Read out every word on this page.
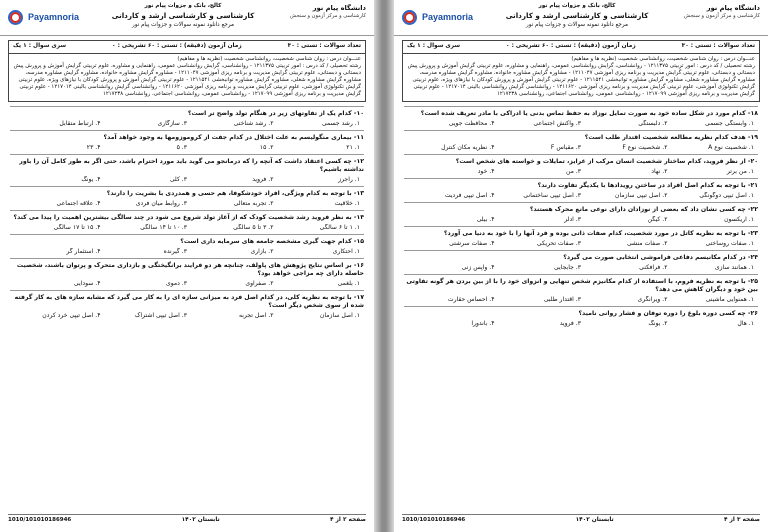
دانشگاه پیام نور
کارشناسی و مرکز آزمون و سنجش
کالج، بانک و جزوات پیام نور
کارشناسی و کارشناسی ارشد و کاردانی
مرجع دانلود نمونه سوالات و جزوات پیام نور
Payamnoria
تعداد سوالات : تستی : ۳۰
زمان آزمون (دقیقه) : تستی : ۶۰ تشریحی : ۰
سری سوال : ۱ یک
عنـــوان درس : روان شناسی شخصیت، روانشناسی شخصیت (نظریه ها و مفاهیم)
رشته تحصیلی / کد درس : امور تربیتی ۱۲۱۱۳۷۵ - روانشناسی، گرایش روانشناسی عمومی، راهنمایی و مشاوره، علوم تربیتی گرایش آموزش و پرورش پیش دبستانی و دبستانی، علوم تربیتی گرایش مدیریت و برنامه ریزی آموزشی ۱۲۱۱۰۴۷ - مشاوره گرایش مشاوره خانواده، مشاوره گرایش مشاوره مدرسه، مشاوره گرایش مشاوره شغلی، مشاوره گرایش مشاوره توانبخشی ۱۲۱۱۵۴۱ - علوم تربیتی گرایش آموزش و پرورش کودکان با نیازهای ویژه، علوم تربیتی گرایش تکنولوژی آموزشی، علوم تربیتی گرایش مدیریت و برنامه ریزی آموزشی ۱۲۱۱۶۲۰ - روانشناسی گرایش روانشناسی بالینی ۱۲۱۷۰۱۴ - علوم تربیتی گرایش مدیریت و برنامه ریزی آموزشی ۱۲۱۷۰۹۹ - روانشناسی عمومی، روانشناسی اجتماعی، روانشناسی ۱۲۱۷۲۳۸
۱۰- کدام یک از تفاوتهای زیر در هنگام تولد واضح تر است؟
۱. رشد جسمی
۲. رشد شناختی
۳. سازگاری
۴. ارتباط متقابل
۱۱- بیماری منگولیسم به علت اختلال در کدام جفت از کروموزومها به وجود خواهد آمد؟
۱. ۲۱
۲. ۱۵
۳. ۵
۴. ۲۳
۱۲- چه کسی اعتقاد داشت که آنچه را که درمانجو می گوید باید مورد احترام باشد، حتی اگر به طور کامل آن را باور نداشته باشیم؟
۱. راجرز
۲. فروید
۳. کلی
۴. یونگ
۱۳- با توجه به کدام ویژگی، افراد خودشکوفا، هم حسی و همدردی با بشریت را دارند؟
۱. خلاقیت
۲. تجربه متعالی
۳. روابط میان فردی
۴. علاقه اجتماعی
۱۴- به نظر فروید رشد شخصیت کودک که از آغاز تولد شروع می شود در چند سالگی بیشترین اهمیت را پیدا می کند؟
۱. ۱ تا ۶ سالگی
۲. ۳ تا ۵ سالگی
۳. ۱۰ تا ۱۴ سالگی
۴. ۱۵ تا ۱۷ سالگی
۱۵- کدام جهت گیری مشخصه جامعه های سرمایه داری است؟
۱. احتکاری
۲. بازاری
۳. گیرنده
۴. استثمار گر
۱۶- بر اساس نتایج پژوهش های پاولف، چنانچه هر دو فرایند برانگیختگی و بازداری متحرک و پرتوان باشند، شخصیت حاصله دارای چه مزاجی خواهد بود؟
۱. بلغمی
۲. صفراوی
۳. دموی
۴. سودایی
۱۷- با توجه به نظریه کلی، در کدام اصل فرد به میزانی سازه ای را به کار می گیرد که مشابه سازه های به کار گرفته شده از سوی شخص دیگر است؟
۱. اصل سازمان
۲. اصل تجربه
۳. اصل تیپی اشتراک
۴. اصل تیپی خرد کردن
صفحه ۲ از ۴
تابستان ۱۴۰۲
1010/101010186946
دانشگاه پیام نور
کارشناسی و مرکز آزمون و سنجش
کالج، بانک و جزوات پیام نور
کارشناسی و کارشناسی ارشد و کاردانی
مرجع دانلود نمونه سوالات و جزوات پیام نور
Payamnoria
تعداد سوالات : تستی : ۳۰
زمان آزمون (دقیقه) : تستی : ۶۰ تشریحی : ۰
سری سوال : ۱ یک
عنـــوان درس : روان شناسی شخصیت، روانشناسی شخصیت (نظریه ها و مفاهیم)
رشته تحصیلی / کد درس : امور تربیتی ۱۲۱۱۳۷۵ - روانشناسی، گرایش روانشناسی عمومی، راهنمایی و مشاوره، علوم تربیتی گرایش آموزش و پرورش پیش دبستانی و دبستانی، علوم تربیتی گرایش مدیریت و برنامه ریزی آموزشی ۱۲۱۱۰۴۷ - مشاوره گرایش مشاوره خانواده، مشاوره گرایش مشاوره مدرسه، مشاوره گرایش مشاوره شغلی، مشاوره گرایش مشاوره توانبخشی ۱۲۱۱۵۴۱ - علوم تربیتی گرایش آموزش و پرورش کودکان با نیازهای ویژه، علوم تربیتی گرایش تکنولوژی آموزشی، علوم تربیتی گرایش مدیریت و برنامه ریزی آموزشی ۱۲۱۱۶۲۰ - روانشناسی گرایش روانشناسی بالینی ۱۲۱۷۰۱۴ - علوم تربیتی گرایش مدیریت و برنامه ریزی آموزشی ۱۲۱۷۰۹۹ - روانشناسی عمومی، روانشناسی اجتماعی، روانشناسی ۱۲۱۷۲۳۸
۱۸- کدام مورد در شکل ساده خود به صورت تمایل نوزاد به حفظ تماس بدنی یا ادراکی با مادر تعریف شده است؟
۱. وابستگی جسمی
۲. دلبستگی
۳. واکنش اجتماعی
۴. محافظت جویی
۱۹- هدف کدام نظریه مطالعه شخصیت اقتدار طلب است؟
۱. شخصیت نوع A
۲. شخصیت نوع F
۳. مقیاس F
۴. نظریه مکان کنترل
۲۰- از نظر فروید، کدام ساختار شخصیت انسان مرکب از غرایز، تمایلات و خواسته های شخص است؟
۱. من برتر
۲. نهاد
۳. من
۴. خود
۲۱- با توجه به کدام اصل افراد در ساختن رویدادها با یکدیگر تفاوت دارند؟
۱. اصل تیپی دوگونگی
۲. اصل تیپی سازمان
۳. اصل تیپی ساختمانی
۴. اصل تیپی فردیت
۲۲- چه کسی نشان داد که بعضی از نوزادان دارای نوعی مانع محرک هستند؟
۱. اریکسون
۲. کیگن
۳. آدلر
۴. بیلی
۲۳- با توجه به نظریه کاتل در مورد شخصیت، کدام صفات ذاتی بوده و فرد آنها را با خود به دنیا می آورد؟
۱. صفات روساختی
۲. صفات منشی
۳. صفات تحریکی
۴. صفات سرشتی
۲۴- در کدام مکانیسم دفاعی فراموشی انتخابی صورت می گیرد؟
۱. همانند سازی
۲. فرافکنی
۳. جابجایی
۴. واپس زنی
۲۵- با توجه به نظریه فروم، با استفاده از کدام مکانیزم شخص تنهایی و انزوای خود را با از بین بردن هر گونه تفاوتی بین خود و دیگران کاهش می دهد؟
۱. همنوایی ماشینی
۲. ویرانگری
۳. اقتدار طلبی
۴. احساس حقارت
۲۶- چه کسی دوره بلوغ را دوره توفان و فشار روانی نامید؟
۱. هال
۲. یونگ
۳. فروید
۴. باندورا
صفحه ۳ از ۴
تابستان ۱۴۰۲
1010/101010186946
